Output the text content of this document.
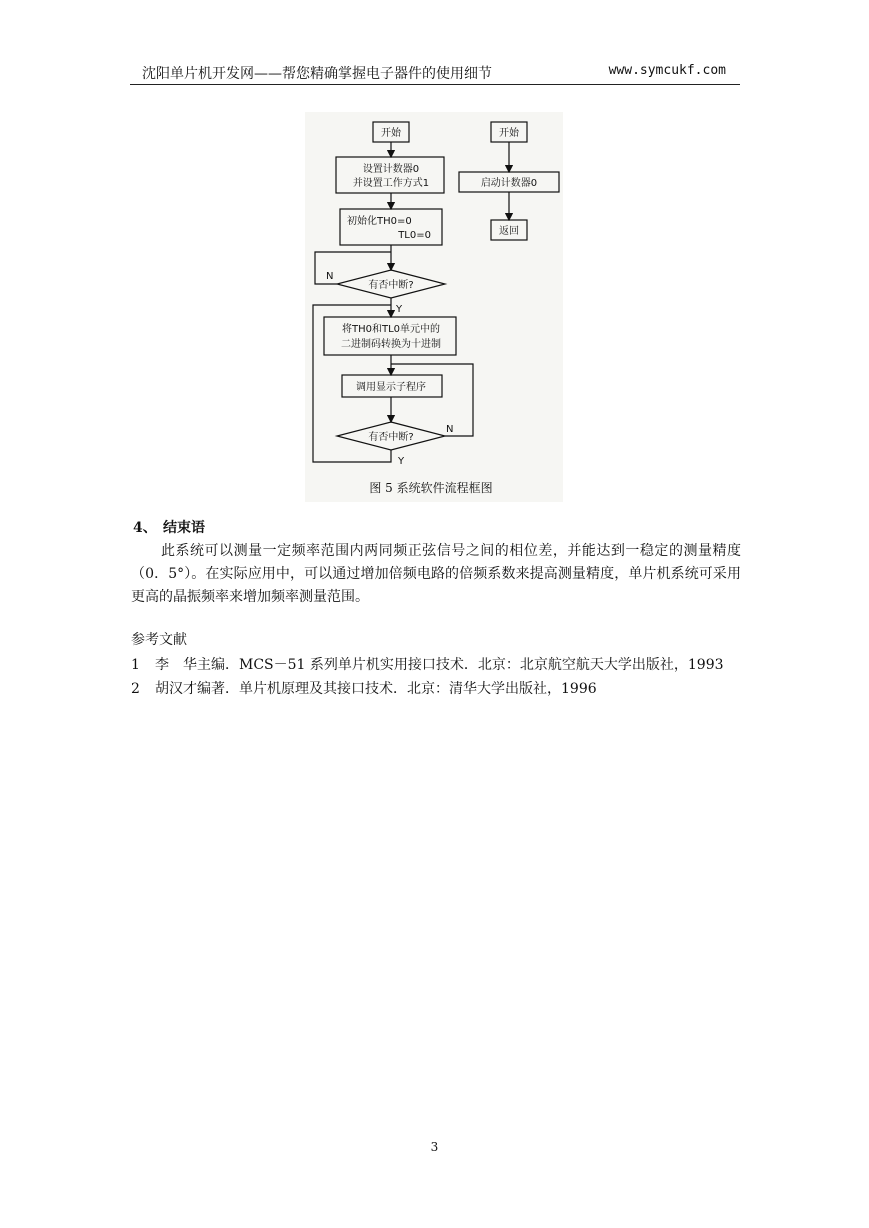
沈阳单片机开发网——帮您精确掌握电子器件的使用细节	www.symcukf.com
开始
设置计数器0
并设置工作方式1
初始化TH0=0
TL0=0
有否中断?
将TH0和TL0单元中的
二进制码转换为十进制
调用显示子程序
有否中断?
N
Y
N
Y
开始
启动计数器0
返回
图 5 系统软件流程框图
4、 结束语
此系统可以测量一定频率范围内两同频正弦信号之间的相位差，并能达到一稳定的测量精度（0．5°）。在实际应用中，可以通过增加倍频电路的倍频系数来提高测量精度，单片机系统可采用更高的晶振频率来增加频率测量范围。
参考文献
1 李　华主编．MCS－51 系列单片机实用接口技术．北京：北京航空航天大学出版社，1993
2 胡汉才编著．单片机原理及其接口技术．北京：清华大学出版社，1996
3
